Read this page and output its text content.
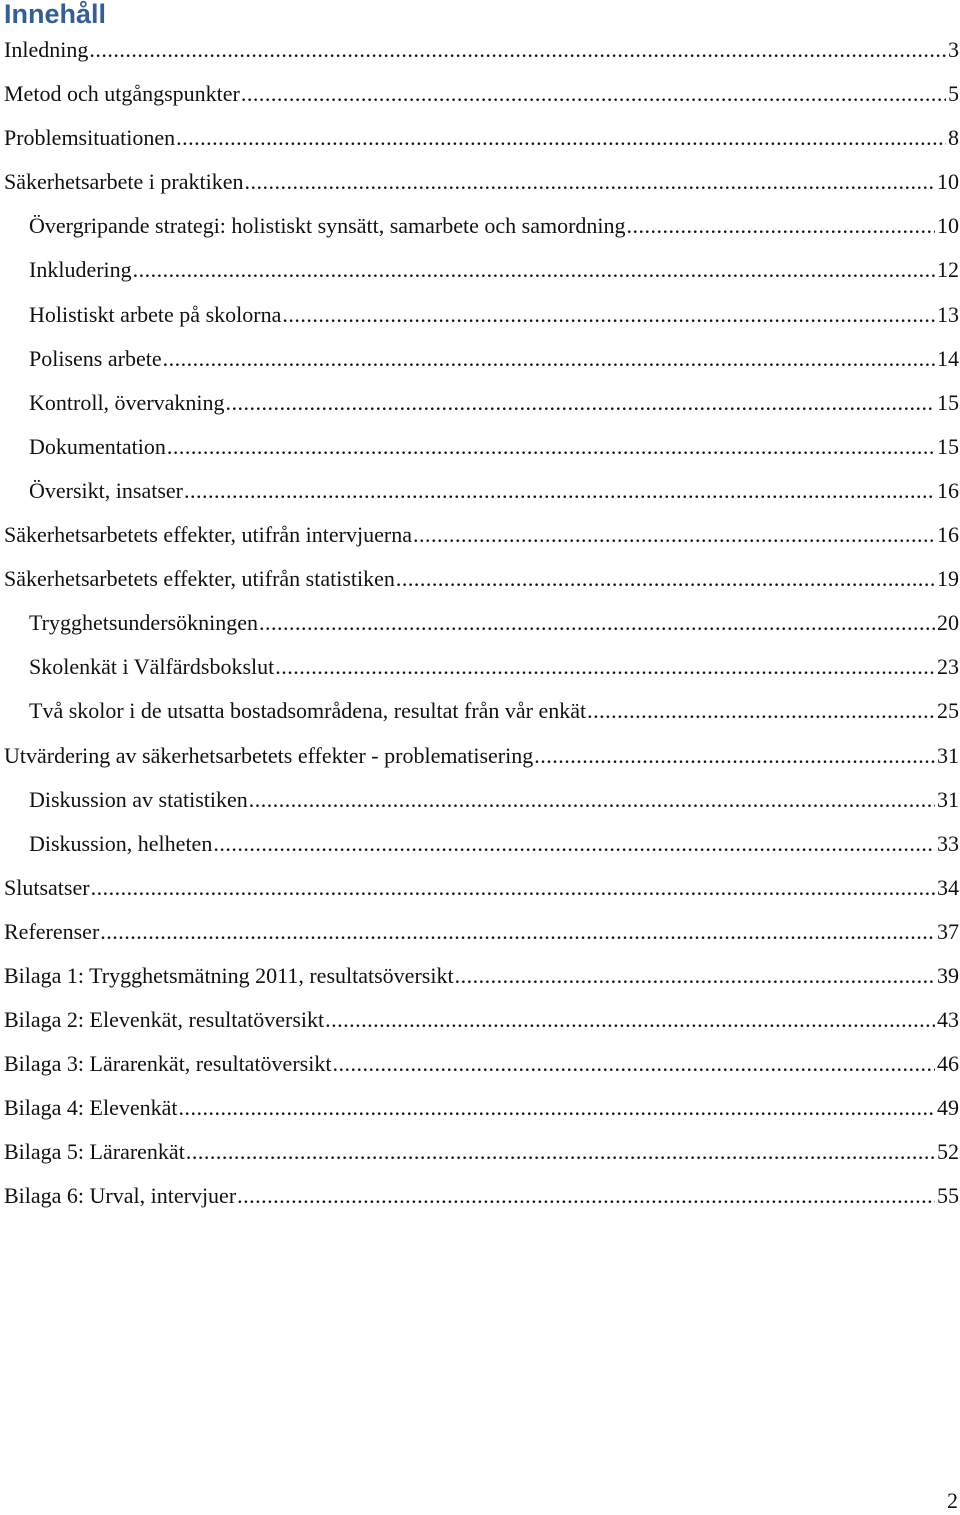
Innehåll
Inledning .....	3
Metod och utgångspunkter .....	5
Problemsituationen .....	8
Säkerhetsarbete i praktiken .....	10
Övergripande strategi: holistiskt synsätt, samarbete och samordning .....	10
Inkludering .....	12
Holistiskt arbete på skolorna .....	13
Polisens arbete .....	14
Kontroll, övervakning .....	15
Dokumentation .....	15
Översikt, insatser .....	16
Säkerhetsarbetets effekter, utifrån intervjuerna .....	16
Säkerhetsarbetets effekter, utifrån statistiken .....	19
Trygghetsundersökningen .....	20
Skolenkät i Välfärdsbokslut .....	23
Två skolor i de utsatta bostadsområdena, resultat från vår enkät .....	25
Utvärdering av säkerhetsarbetets effekter - problematisering .....	31
Diskussion av statistiken .....	31
Diskussion, helheten .....	33
Slutsatser .....	34
Referenser .....	37
Bilaga 1: Trygghetsmätning 2011, resultatsöversikt .....	39
Bilaga 2: Elevenkät, resultatöversikt .....	43
Bilaga 3: Lärarenkät, resultatöversikt .....	46
Bilaga 4: Elevenkät .....	49
Bilaga 5: Lärarenkät .....	52
Bilaga 6: Urval, intervjuer .....	55
2
